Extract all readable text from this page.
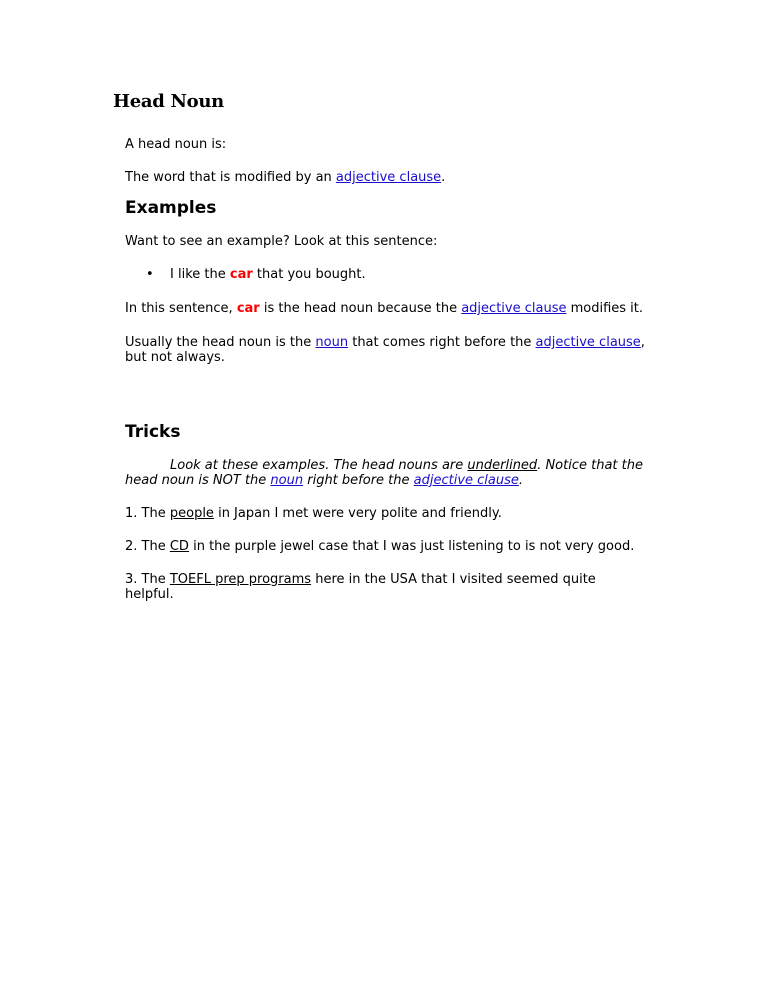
Head Noun

A head noun is:

The word that is modified by an adjective clause.

Examples

Want to see an example? Look at this sentence:

• I like the car that you bought.

In this sentence, car is the head noun because the adjective clause modifies it.

Usually the head noun is the noun that comes right before the adjective clause,
but not always.

Tricks

Look at these examples. The head nouns are underlined. Notice that the
head noun is NOT the noun right before the adjective clause.

1. The people in Japan I met were very polite and friendly.

2. The CD in the purple jewel case that I was just listening to is not very good.

3. The TOEFL prep programs here in the USA that I visited seemed quite helpful.
